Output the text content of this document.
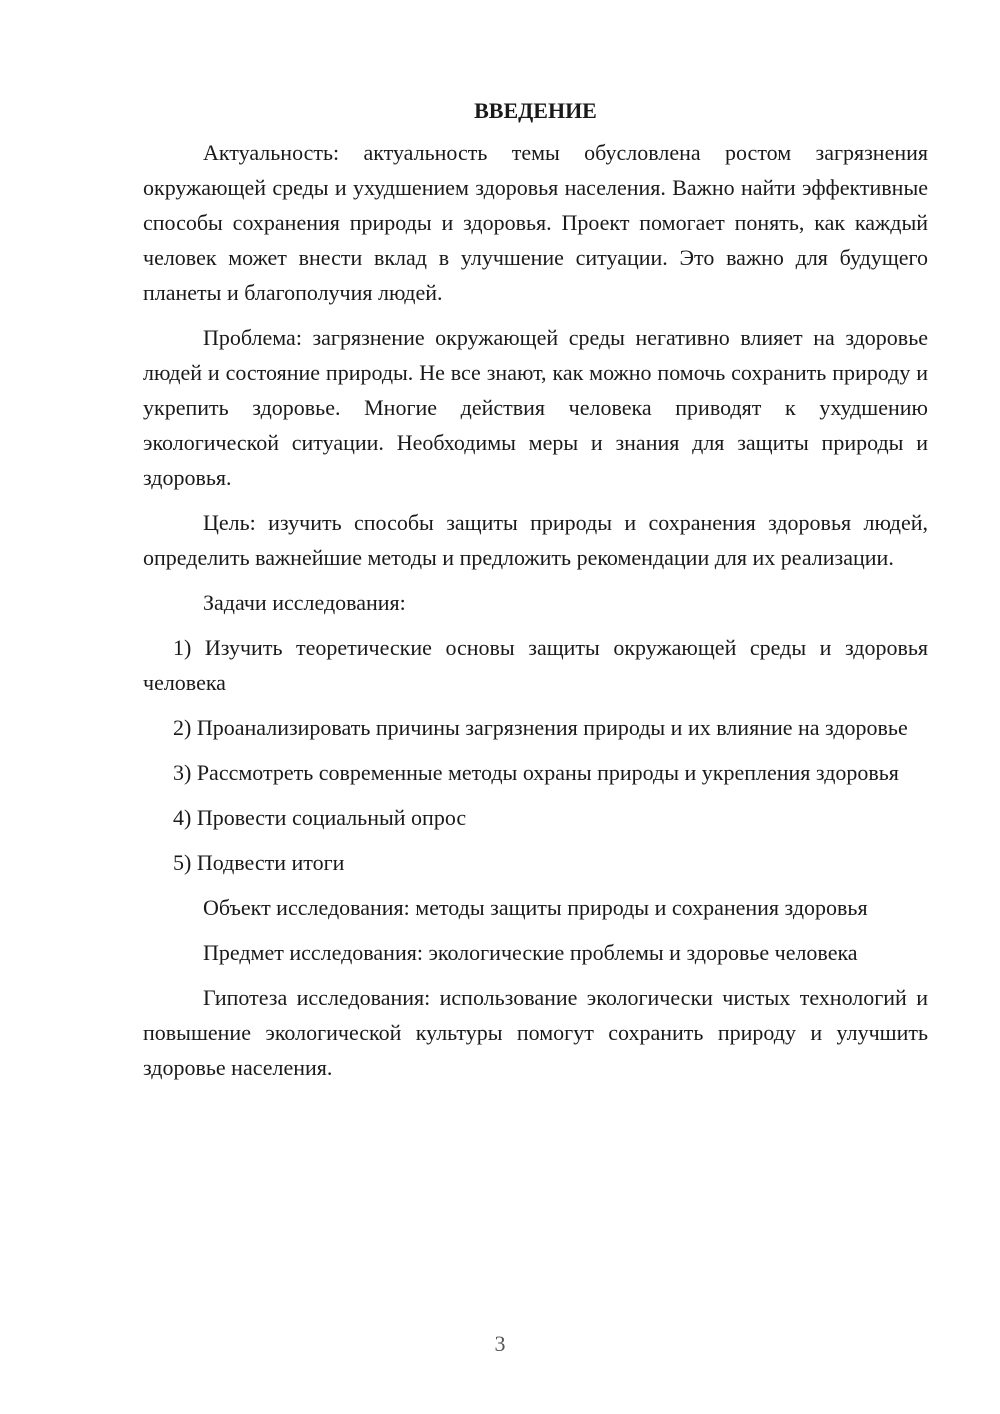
ВВЕДЕНИЕ

Актуальность: актуальность темы обусловлена ростом загрязнения окружающей среды и ухудшением здоровья населения. Важно найти эффективные способы сохранения природы и здоровья. Проект помогает понять, как каждый человек может внести вклад в улучшение ситуации. Это важно для будущего планеты и благополучия людей.

Проблема: загрязнение окружающей среды негативно влияет на здоровье людей и состояние природы. Не все знают, как можно помочь сохранить природу и укрепить здоровье. Многие действия человека приводят к ухудшению экологической ситуации. Необходимы меры и знания для защиты природы и здоровья.

Цель: изучить способы защиты природы и сохранения здоровья людей, определить важнейшие методы и предложить рекомендации для их реализации.

Задачи исследования:

1) Изучить теоретические основы защиты окружающей среды и здоровья человека

2) Проанализировать причины загрязнения природы и их влияние на здоровье

3) Рассмотреть современные методы охраны природы и укрепления здоровья

4) Провести социальный опрос

5) Подвести итоги

Объект исследования: методы защиты природы и сохранения здоровья

Предмет исследования: экологические проблемы и здоровье человека

Гипотеза исследования: использование экологически чистых технологий и повышение экологической культуры помогут сохранить природу и улучшить здоровье населения.

3
